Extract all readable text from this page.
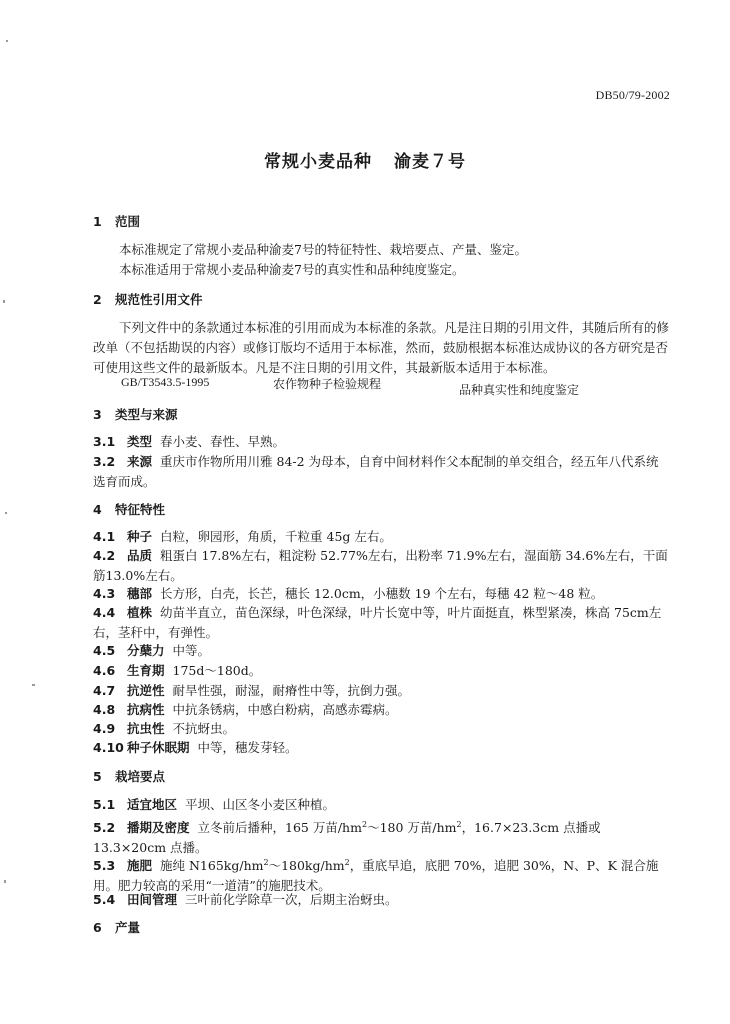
DB50/79-2002
常规小麦品种 渝麦７号
1 范围
本标准规定了常规小麦品种渝麦7号的特征特性、栽培要点、产量、鉴定。
本标准适用于常规小麦品种渝麦7号的真实性和品种纯度鉴定。
2 规范性引用文件
下列文件中的条款通过本标准的引用而成为本标准的条款。凡是注日期的引用文件，其随后所有的修改单（不包括勘误的内容）或修订版均不适用于本标准，然而，鼓励根据本标准达成协议的各方研究是否可使用这些文件的最新版本。凡是不注日期的引用文件，其最新版本适用于本标准。
GB/T3543.5-1995	农作物种子检验规程	品种真实性和纯度鉴定
3 类型与来源
3.1 类型 春小麦、春性、早熟。
3.2 来源 重庆市作物所用川雅 84-2 为母本，自育中间材料作父本配制的单交组合，经五年八代系统选育而成。
4 特征特性
4.1 种子 白粒，卵园形，角质，千粒重 45g 左右。
4.2 品质 粗蛋白 17.8%左右，粗淀粉 52.77%左右，出粉率 71.9%左右，湿面筋 34.6%左右，干面筋13.0%左右。
4.3 穗部 长方形，白壳，长芒，穗长 12.0cm，小穗数 19 个左右，每穗 42 粒～48 粒。
4.4 植株 幼苗半直立，苗色深绿，叶色深绿，叶片长宽中等，叶片面挺直，株型紧凑，株高 75cm左右，茎秆中，有弹性。
4.5 分蘖力 中等。
4.6 生育期 175d～180d。
4.7 抗逆性 耐旱性强，耐湿，耐瘠性中等，抗倒力强。
4.8 抗病性 中抗条锈病，中感白粉病，高感赤霉病。
4.9 抗虫性 不抗蚜虫。
4.10 种子休眠期 中等，穗发芽轻。
5 栽培要点
5.1 适宜地区 平坝、山区冬小麦区种植。
5.2 播期及密度 立冬前后播种，165 万苗$/hm^2\sim 180$ 万苗$/hm^2$，16.7×23.3cm 点播或 13.3×20cm 点播。
5.3 施肥 施纯 $N165kg/hm^2\sim 180kg/hm^2$，重底早追，底肥 70%，追肥 30%，N、P、K 混合施用。肥力较高的采用“一道清”的施肥技术。
5.4 田间管理 三叶前化学除草一次，后期主治蚜虫。
6 产量
